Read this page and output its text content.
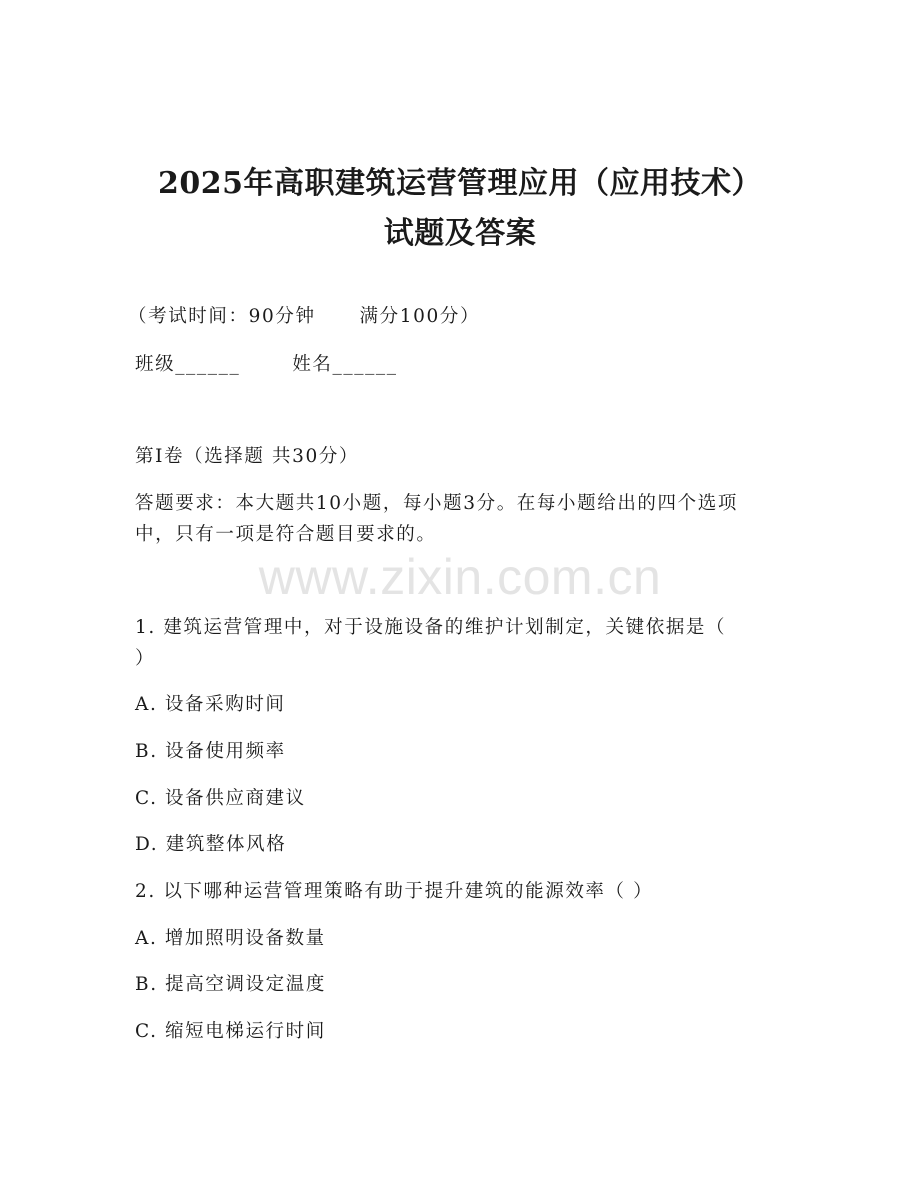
2025年高职建筑运营管理应用（应用技术）
试题及答案
（考试时间：90分钟 满分100分）
班级______	姓名______
第I卷（选择题 共30分）
答题要求：本大题共10小题，每小题3分。在每小题给出的四个选项
中，只有一项是符合题目要求的。
www.zixin.com.cn
1. 建筑运营管理中，对于设施设备的维护计划制定，关键依据是（
）
A. 设备采购时间
B. 设备使用频率
C. 设备供应商建议
D. 建筑整体风格
2. 以下哪种运营管理策略有助于提升建筑的能源效率（ ）
A. 增加照明设备数量
B. 提高空调设定温度
C. 缩短电梯运行时间
